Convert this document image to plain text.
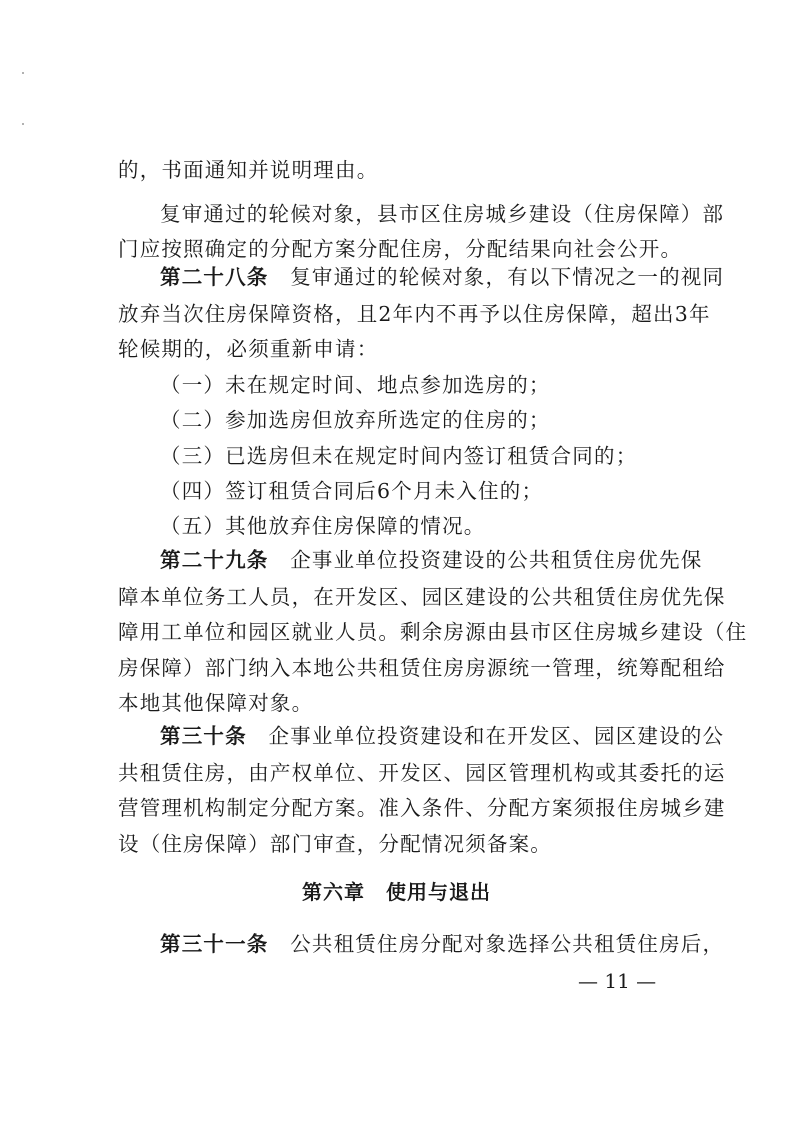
的，书面通知并说明理由。
复审通过的轮候对象，县市区住房城乡建设（住房保障）部
门应按照确定的分配方案分配住房，分配结果向社会公开。
第二十八条　 复审通过的轮候对象，有以下情况之一的视同
放弃当次住房保障资格，且2年内不再予以住房保障，超出3年
轮候期的，必须重新申请：
（一）未在规定时间、地点参加选房的；
（二）参加选房但放弃所选定的住房的；
（三）已选房但未在规定时间内签订租赁合同的；
（四）签订租赁合同后6个月未入住的；
（五）其他放弃住房保障的情况。
第二十九条　 企事业单位投资建设的公共租赁住房优先保
障本单位务工人员，在开发区、园区建设的公共租赁住房优先保
障用工单位和园区就业人员。剩余房源由县市区住房城乡建设（住
房保障）部门纳入本地公共租赁住房房源统一管理，统筹配租给
本地其他保障对象。
第三十条　 企事业单位投资建设和在开发区、园区建设的公
共租赁住房，由产权单位、开发区、园区管理机构或其委托的运
营管理机构制定分配方案。准入条件、分配方案须报住房城乡建
设（住房保障）部门审查，分配情况须备案。
第六章　使用与退出
第三十一条　 公共租赁住房分配对象选择公共租赁住房后，
— 11 —
